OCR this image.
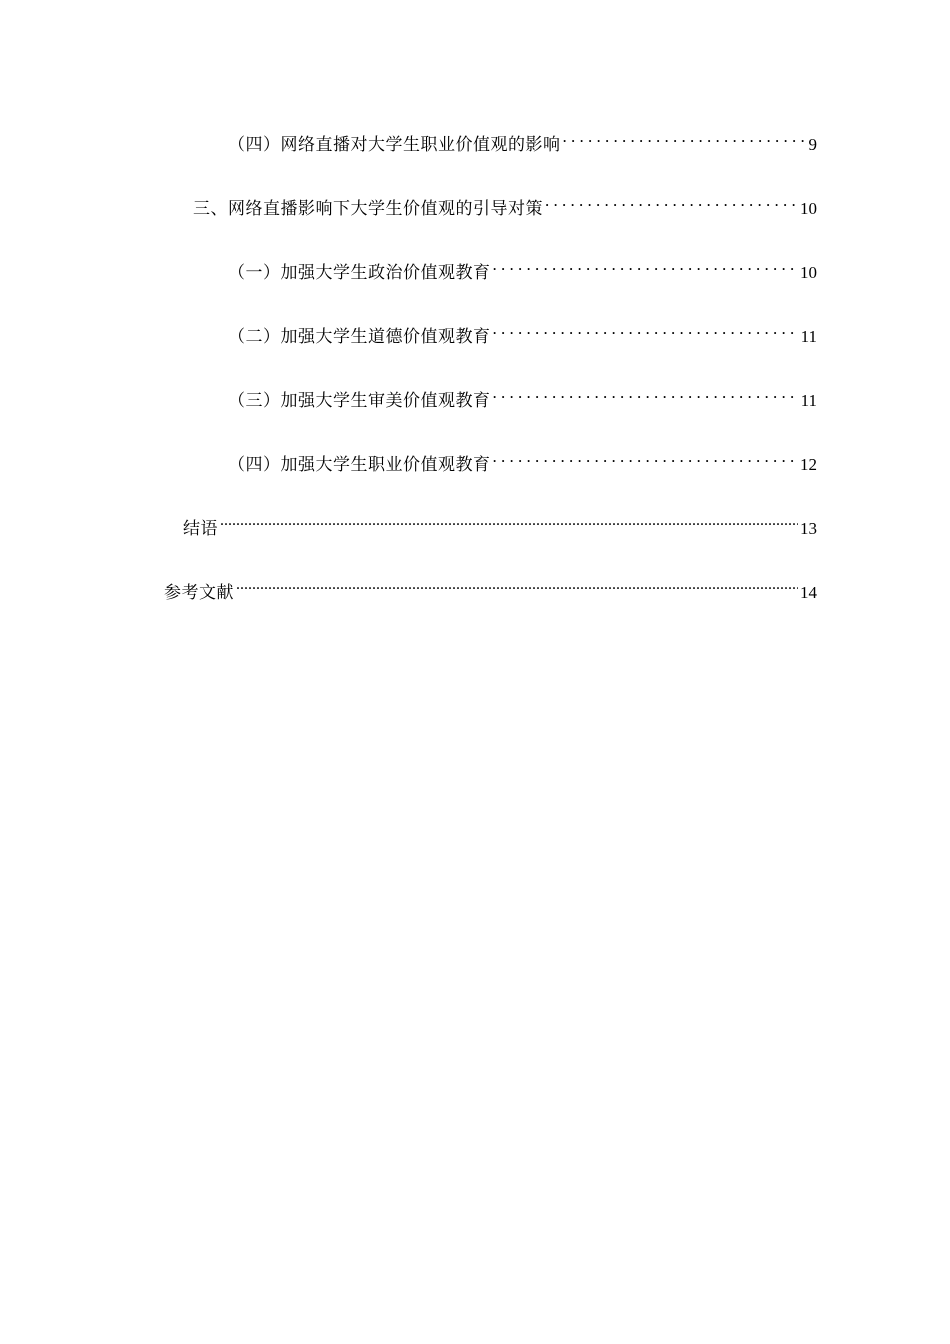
（四）网络直播对大学生职业价值观的影响 . . .	9
三、网络直播影响下大学生价值观的引导对策 . . .	10
（一）加强大学生政治价值观教育 . . .	10
（二）加强大学生道德价值观教育 . . .	11
（三）加强大学生审美价值观教育 . . .	11
（四）加强大学生职业价值观教育 . . .	12
结语 .....	13
参考文献 .....	14
